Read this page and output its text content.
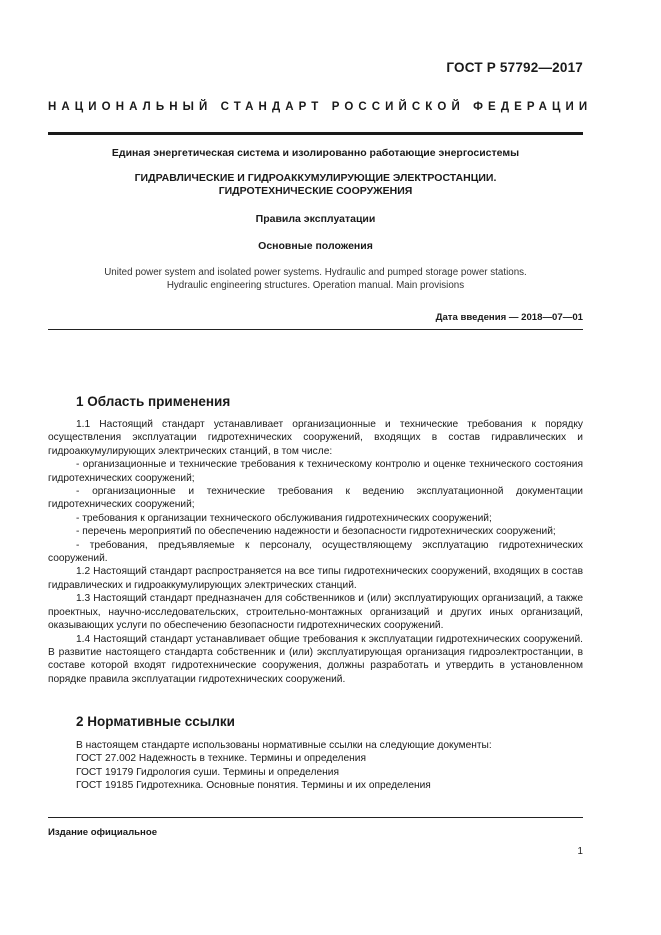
ГОСТ Р 57792—2017
НАЦИОНАЛЬНЫЙ СТАНДАРТ РОССИЙСКОЙ ФЕДЕРАЦИИ
Единая энергетическая система и изолированно работающие энергосистемы
ГИДРАВЛИЧЕСКИЕ И ГИДРОАККУМУЛИРУЮЩИЕ ЭЛЕКТРОСТАНЦИИ.
ГИДРОТЕХНИЧЕСКИЕ СООРУЖЕНИЯ
Правила эксплуатации
Основные положения
United power system and isolated power systems. Hydraulic and pumped storage power stations.
Hydraulic engineering structures. Operation manual. Main provisions
Дата введения — 2018—07—01
1 Область применения

1.1 Настоящий стандарт устанавливает организационные и технические требования к порядку осуществления эксплуатации гидротехнических сооружений, входящих в состав гидравлических и гидроаккумулирующих электрических станций, в том числе:

- организационные и технические требования к техническому контролю и оценке технического состояния гидротехнических сооружений;

- организационные и технические требования к ведению эксплуатационной документации гидротехнических сооружений;

- требования к организации технического обслуживания гидротехнических сооружений;

- перечень мероприятий по обеспечению надежности и безопасности гидротехнических сооружений;

- требования, предъявляемые к персоналу, осуществляющему эксплуатацию гидротехнических сооружений.

1.2 Настоящий стандарт распространяется на все типы гидротехнических сооружений, входящих в состав гидравлических и гидроаккумулирующих электрических станций.

1.3 Настоящий стандарт предназначен для собственников и (или) эксплуатирующих организаций, а также проектных, научно-исследовательских, строительно-монтажных организаций и других иных организаций, оказывающих услуги по обеспечению безопасности гидротехнических сооружений.

1.4 Настоящий стандарт устанавливает общие требования к эксплуатации гидротехнических сооружений. В развитие настоящего стандарта собственник и (или) эксплуатирующая организация гидроэлектростанции, в составе которой входят гидротехнические сооружения, должны разработать и утвердить в установленном порядке правила эксплуатации гидротехнических сооружений.

2 Нормативные ссылки
В настоящем стандарте использованы нормативные ссылки на следующие документы:
ГОСТ 27.002 Надежность в технике. Термины и определения
ГОСТ 19179 Гидрология суши. Термины и определения
ГОСТ 19185 Гидротехника. Основные понятия. Термины и их определения
Издание официальное
1
